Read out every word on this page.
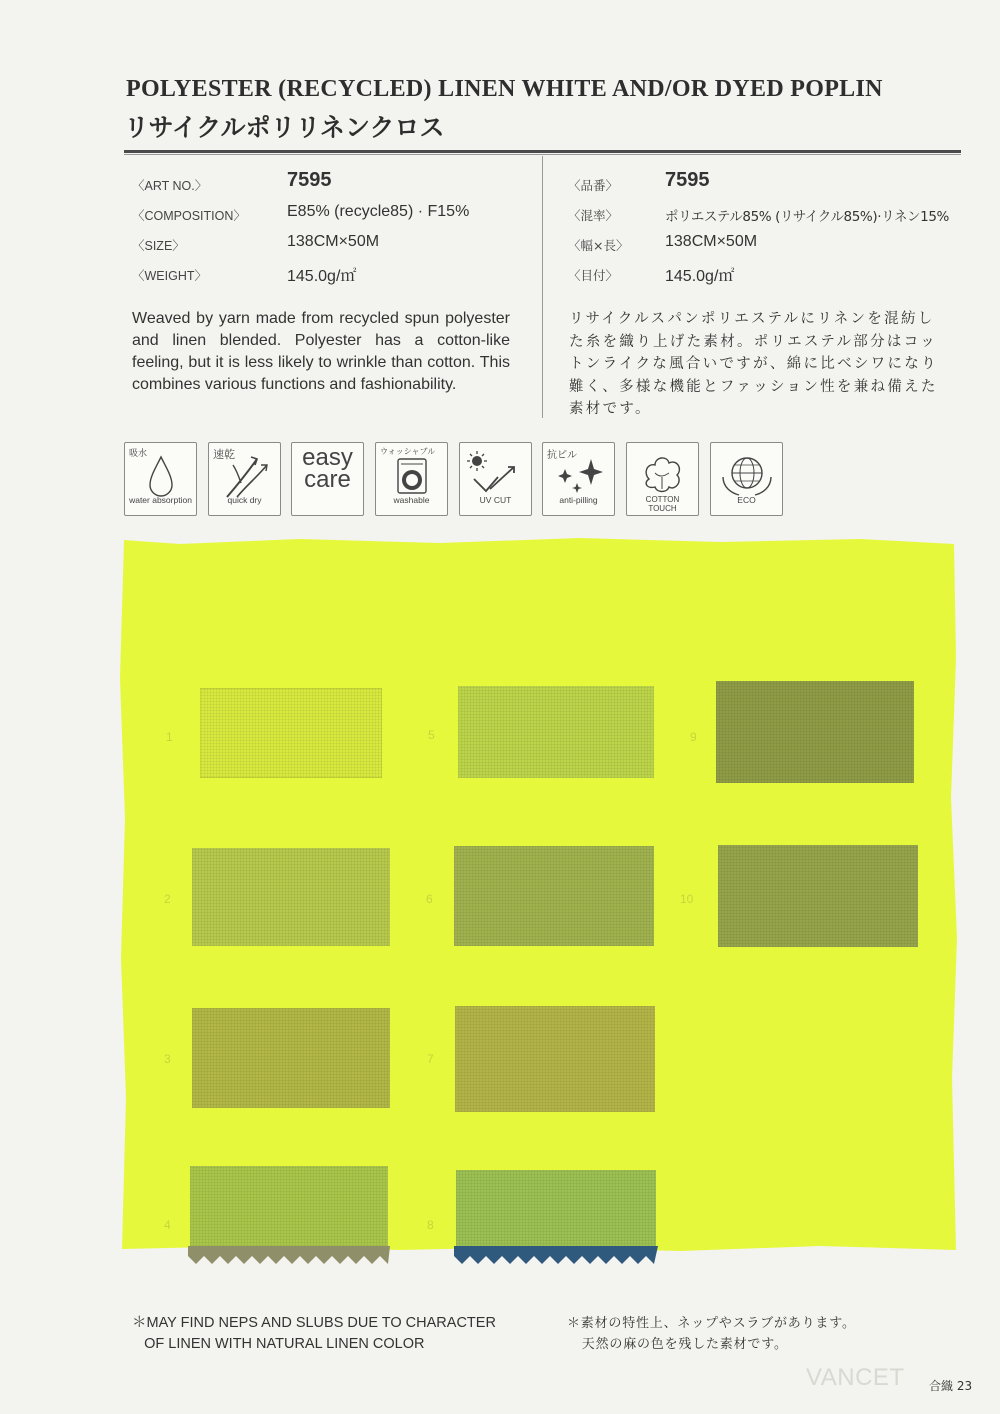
POLYESTER (RECYCLED) LINEN WHITE AND/OR DYED POPLIN
リサイクルポリリネンクロス
〈ART NO.〉	7595
〈COMPOSITION〉	E85% (recycle85) · F15%
〈SIZE〉	138CM×50M
〈WEIGHT〉	145.0g/㎡
〈品番〉 7595
〈混率〉	ポリエステル85% (リサイクル85%)·リネン15%
〈幅×長〉 138CM×50M
〈目付〉	145.0g/㎡
Weaved by yarn made from recycled spun polyester and linen blended. Polyester has a cotton-like feeling, but it is less likely to wrinkle than cotton. This combines various functions and fashionability.
リサイクルスパンポリエステルにリネンを混紡した糸を織り上げた素材。ポリエステル部分はコットンライクな風合いですが、綿に比べシワになり難く、多様な機能とファッション性を兼ね備えた素材です。
吸水
water absorption
速乾
quick dry
easy
care
ウォッシャブル
washable	UV CUT
抗ピル
anti-pilling	COTTON TOUCH
ECO
1	5	9
2	6	10
3	7
4	8
＊MAY FIND NEPS AND SLUBS DUE TO CHARACTER
OF LINEN WITH NATURAL LINEN COLOR
＊素材の特性上、ネップやスラブがあります。
天然の麻の色を残した素材です。
VANCET 合織 23
